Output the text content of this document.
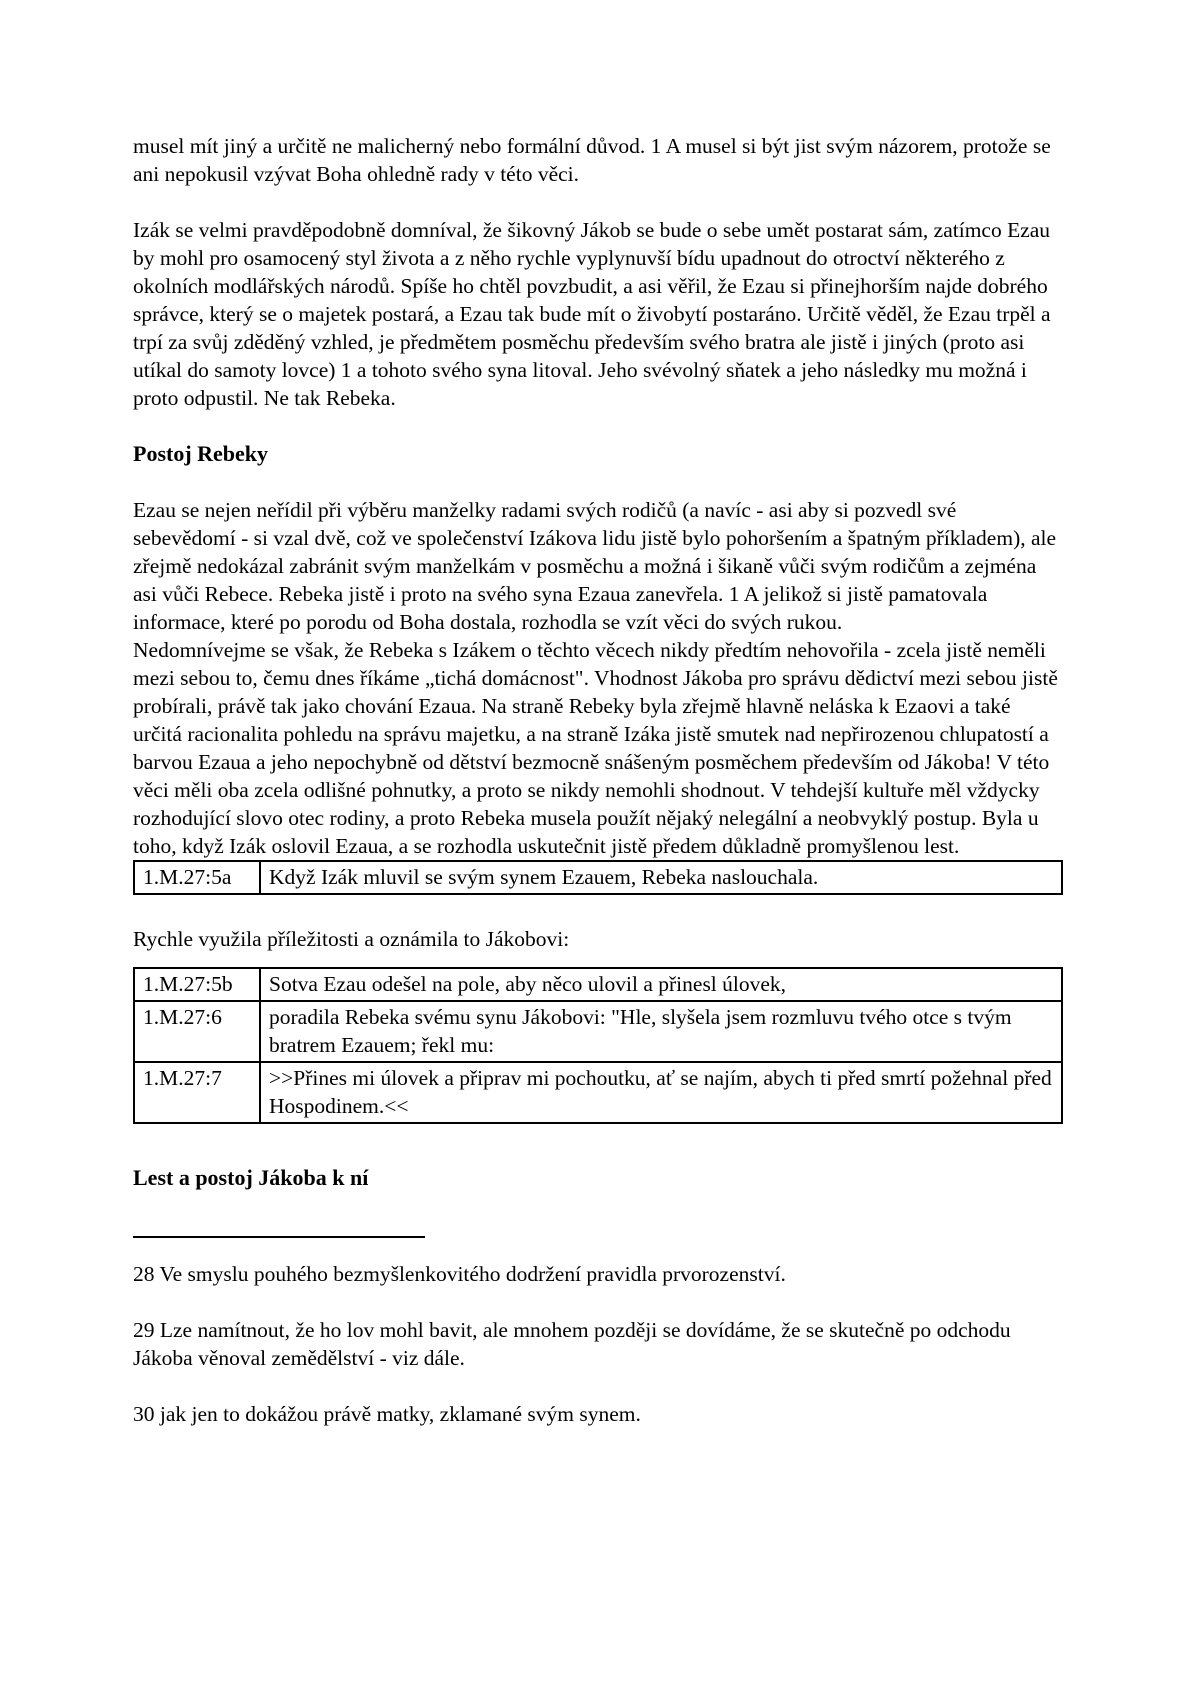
musel mít jiný a určitě ne malicherný nebo formální důvod. 1 A musel si být jist svým názorem, protože se ani nepokusil vzývat Boha ohledně rady v této věci.

Izák se velmi pravděpodobně domníval, že šikovný Jákob se bude o sebe umět postarat sám, zatímco Ezau by mohl pro osamocený styl života a z něho rychle vyplynuvší bídu upadnout do otroctví některého z okolních modlářských národů. Spíše ho chtěl povzbudit, a asi věřil, že Ezau si přinejhorším najde dobrého správce, který se o majetek postará, a Ezau tak bude mít o živobytí postaráno. Určitě věděl, že Ezau trpěl a trpí za svůj zděděný vzhled, je předmětem posměchu především svého bratra ale jistě i jiných (proto asi utíkal do samoty lovce) 1 a tohoto svého syna litoval. Jeho svévolný sňatek a jeho následky mu možná i proto odpustil. Ne tak Rebeka.

Postoj Rebeky

Ezau se nejen neřídil při výběru manželky radami svých rodičů (a navíc - asi aby si pozvedl své sebevědomí - si vzal dvě, což ve společenství Izákova lidu jistě bylo pohoršením a špatným příkladem), ale zřejmě nedokázal zabránit svým manželkám v posměchu a možná i šikaně vůči svým rodičům a zejména asi vůči Rebece. Rebeka jistě i proto na svého syna Ezaua zanevřela. 1 A jelikož si jistě pamatovala informace, které po porodu od Boha dostala, rozhodla se vzít věci do svých rukou.

Nedomnívejme se však, že Rebeka s Izákem o těchto věcech nikdy předtím nehovořila - zcela jistě neměli mezi sebou to, čemu dnes říkáme „tichá domácnost". Vhodnost Jákoba pro správu dědictví mezi sebou jistě probírali, právě tak jako chování Ezaua. Na straně Rebeky byla zřejmě hlavně neláska k Ezaovi a také určitá racionalita pohledu na správu majetku, a na straně Izáka jistě smutek nad nepřirozenou chlupatostí a barvou Ezaua a jeho nepochybně od dětství bezmocně snášeným posměchem především od Jákoba! V této věci měli oba zcela odlišné pohnutky, a proto se nikdy nemohli shodnout. V tehdejší kultuře měl vždycky rozhodující slovo otec rodiny, a proto Rebeka musela použít nějaký nelegální a neobvyklý postup. Byla u toho, když Izák oslovil Ezaua, a se rozhodla uskutečnit jistě předem důkladně promyšlenou lest.

1.M.27:5a	Když Izák mluvil se svým synem Ezauem, Rebeka naslouchala.

Rychle využila příležitosti a oznámila to Jákobovi:

1.M.27:5b	Sotva Ezau odešel na pole, aby něco ulovil a přinesl úlovek,
1.M.27:6	poradila Rebeka svému synu Jákobovi: "Hle, slyšela jsem rozmluvu tvého otce s tvým bratrem Ezauem; řekl mu:
1.M.27:7	>>Přines mi úlovek a připrav mi pochoutku, ať se najím, abych ti před smrtí požehnal před Hospodinem.<<
Lest a postoj Jákoba k ní

28 Ve smyslu pouhého bezmyšlenkovitého dodržení pravidla prvorozenství.

29 Lze namítnout, že ho lov mohl bavit, ale mnohem později se dovídáme, že se skutečně po odchodu Jákoba věnoval zemědělství - viz dále.

30 jak jen to dokážou právě matky, zklamané svým synem.
